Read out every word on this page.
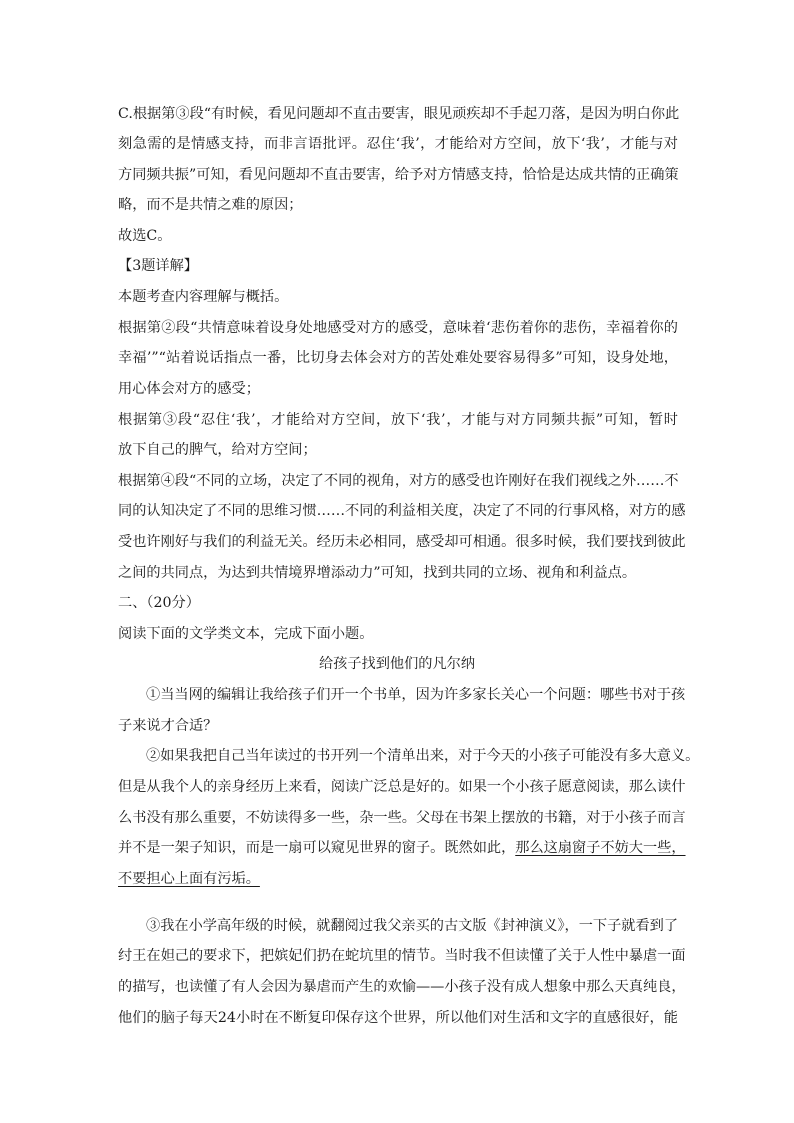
C.根据第③段“有时候，看见问题却不直击要害，眼见顽疾却不手起刀落，是因为明白你此
刻急需的是情感支持，而非言语批评。忍住‘我’，才能给对方空间，放下‘我’，才能与对
方同频共振”可知，看见问题却不直击要害，给予对方情感支持，恰恰是达成共情的正确策
略，而不是共情之难的原因；
故选C。
【3题详解】
本题考查内容理解与概括。
根据第②段“共情意味着设身处地感受对方的感受，意味着‘悲伤着你的悲伤，幸福着你的
幸福’”“站着说话指点一番，比切身去体会对方的苦处难处要容易得多”可知，设身处地，
用心体会对方的感受；
根据第③段“忍住‘我’，才能给对方空间，放下‘我’，才能与对方同频共振”可知，暂时
放下自己的脾气，给对方空间；
根据第④段“不同的立场，决定了不同的视角，对方的感受也许刚好在我们视线之外……不
同的认知决定了不同的思维习惯……不同的利益相关度，决定了不同的行事风格，对方的感
受也许刚好与我们的利益无关。经历未必相同，感受却可相通。很多时候，我们要找到彼此
之间的共同点，为达到共情境界增添动力”可知，找到共同的立场、视角和利益点。
二、（20分）
阅读下面的文学类文本，完成下面小题。
给孩子找到他们的凡尔纳
①当当网的编辑让我给孩子们开一个书单，因为许多家长关心一个问题：哪些书对于孩
子来说才合适？
②如果我把自己当年读过的书开列一个清单出来，对于今天的小孩子可能没有多大意义。
但是从我个人的亲身经历上来看，阅读广泛总是好的。如果一个小孩子愿意阅读，那么读什
么书没有那么重要，不妨读得多一些，杂一些。父母在书架上摆放的书籍，对于小孩子而言
并不是一架子知识，而是一扇可以窥见世界的窗子。既然如此，那么这扇窗子不妨大一些，
不要担心上面有污垢。
③我在小学高年级的时候，就翻阅过我父亲买的古文版《封神演义》，一下子就看到了
纣王在妲己的要求下，把嫔妃们扔在蛇坑里的情节。当时我不但读懂了关于人性中暴虐一面
的描写，也读懂了有人会因为暴虐而产生的欢愉——小孩子没有成人想象中那么天真纯良，
他们的脑子每天24小时在不断复印保存这个世界，所以他们对生活和文字的直感很好，能
